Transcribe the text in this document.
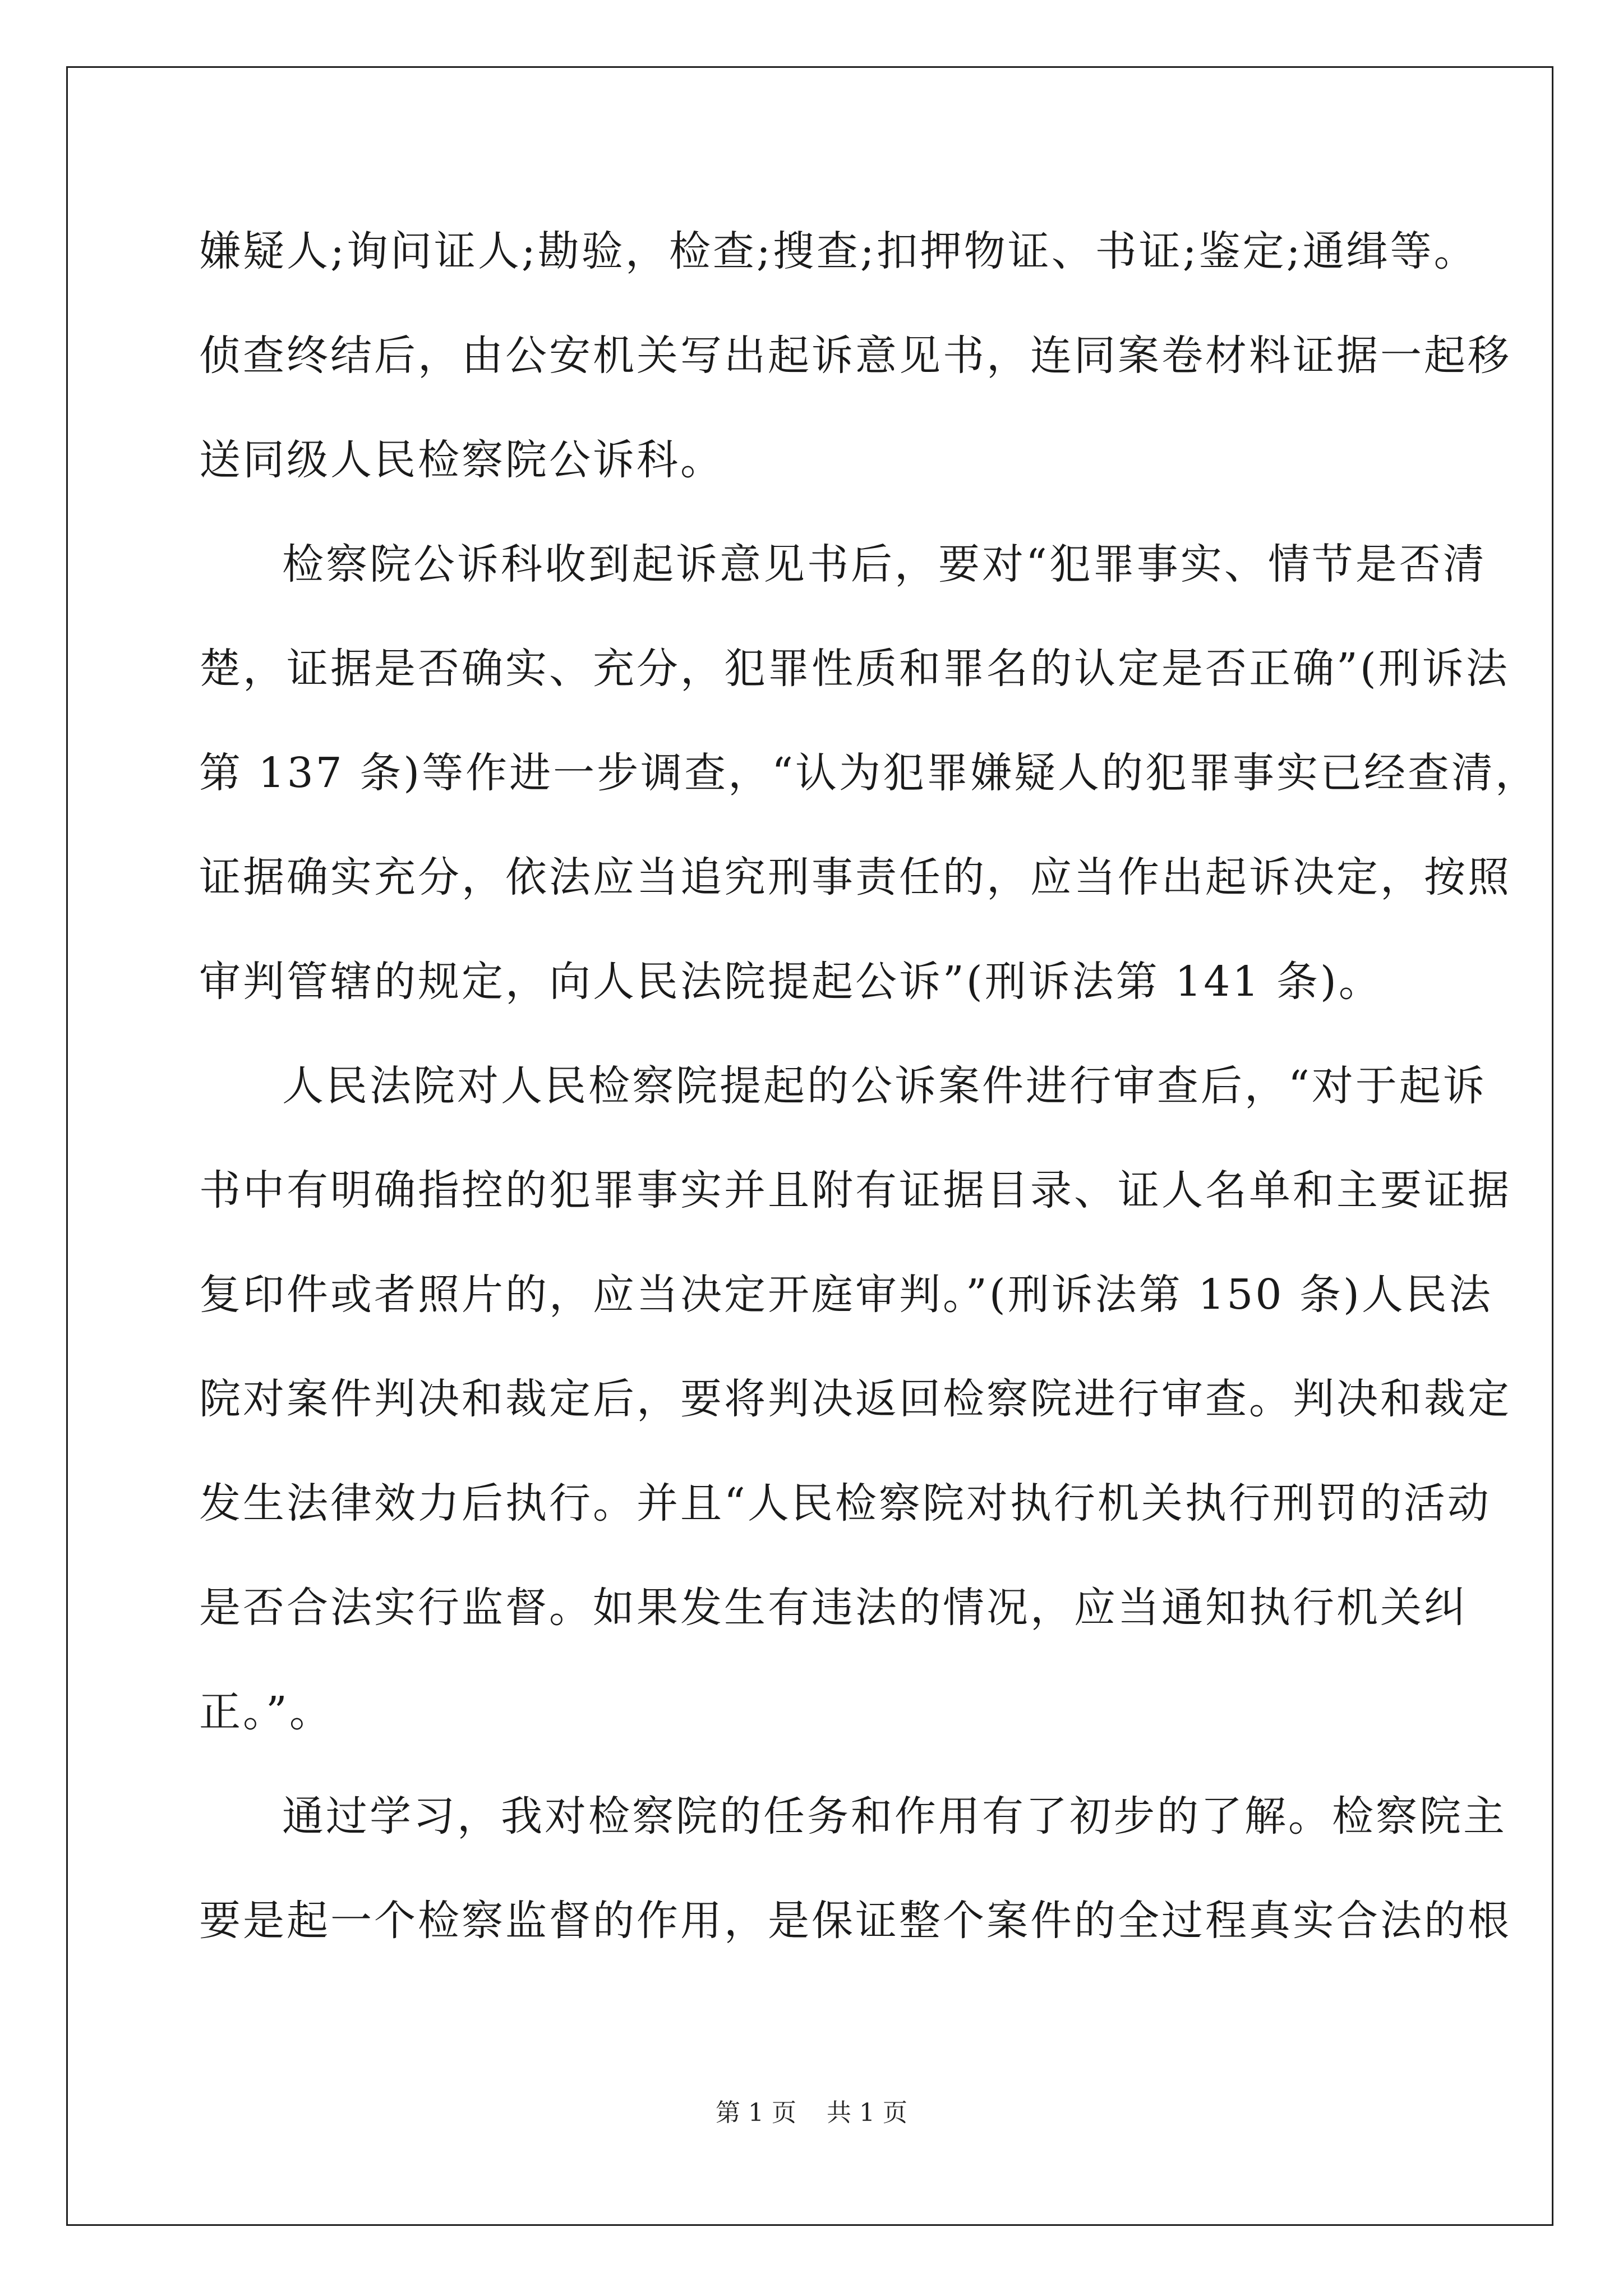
嫌疑人;询问证人;勘验，检查;搜查;扣押物证、书证;鉴定;通缉等。
侦查终结后，由公安机关写出起诉意见书，连同案卷材料证据一起移
送同级人民检察院公诉科。
检察院公诉科收到起诉意见书后，要对“犯罪事实、情节是否清
楚，证据是否确实、充分，犯罪性质和罪名的认定是否正确”(刑诉法
第 137 条)等作进一步调查，“认为犯罪嫌疑人的犯罪事实已经查清，
证据确实充分，依法应当追究刑事责任的，应当作出起诉决定，按照
审判管辖的规定，向人民法院提起公诉”(刑诉法第 141 条)。
人民法院对人民检察院提起的公诉案件进行审查后，“对于起诉
书中有明确指控的犯罪事实并且附有证据目录、证人名单和主要证据
复印件或者照片的，应当决定开庭审判。”(刑诉法第 150 条)人民法
院对案件判决和裁定后，要将判决返回检察院进行审查。判决和裁定
发生法律效力后执行。并且“人民检察院对执行机关执行刑罚的活动
是否合法实行监督。如果发生有违法的情况，应当通知执行机关纠
正。”。
通过学习，我对检察院的任务和作用有了初步的了解。检察院主
要是起一个检察监督的作用，是保证整个案件的全过程真实合法的根
第 1 页 共 1 页
